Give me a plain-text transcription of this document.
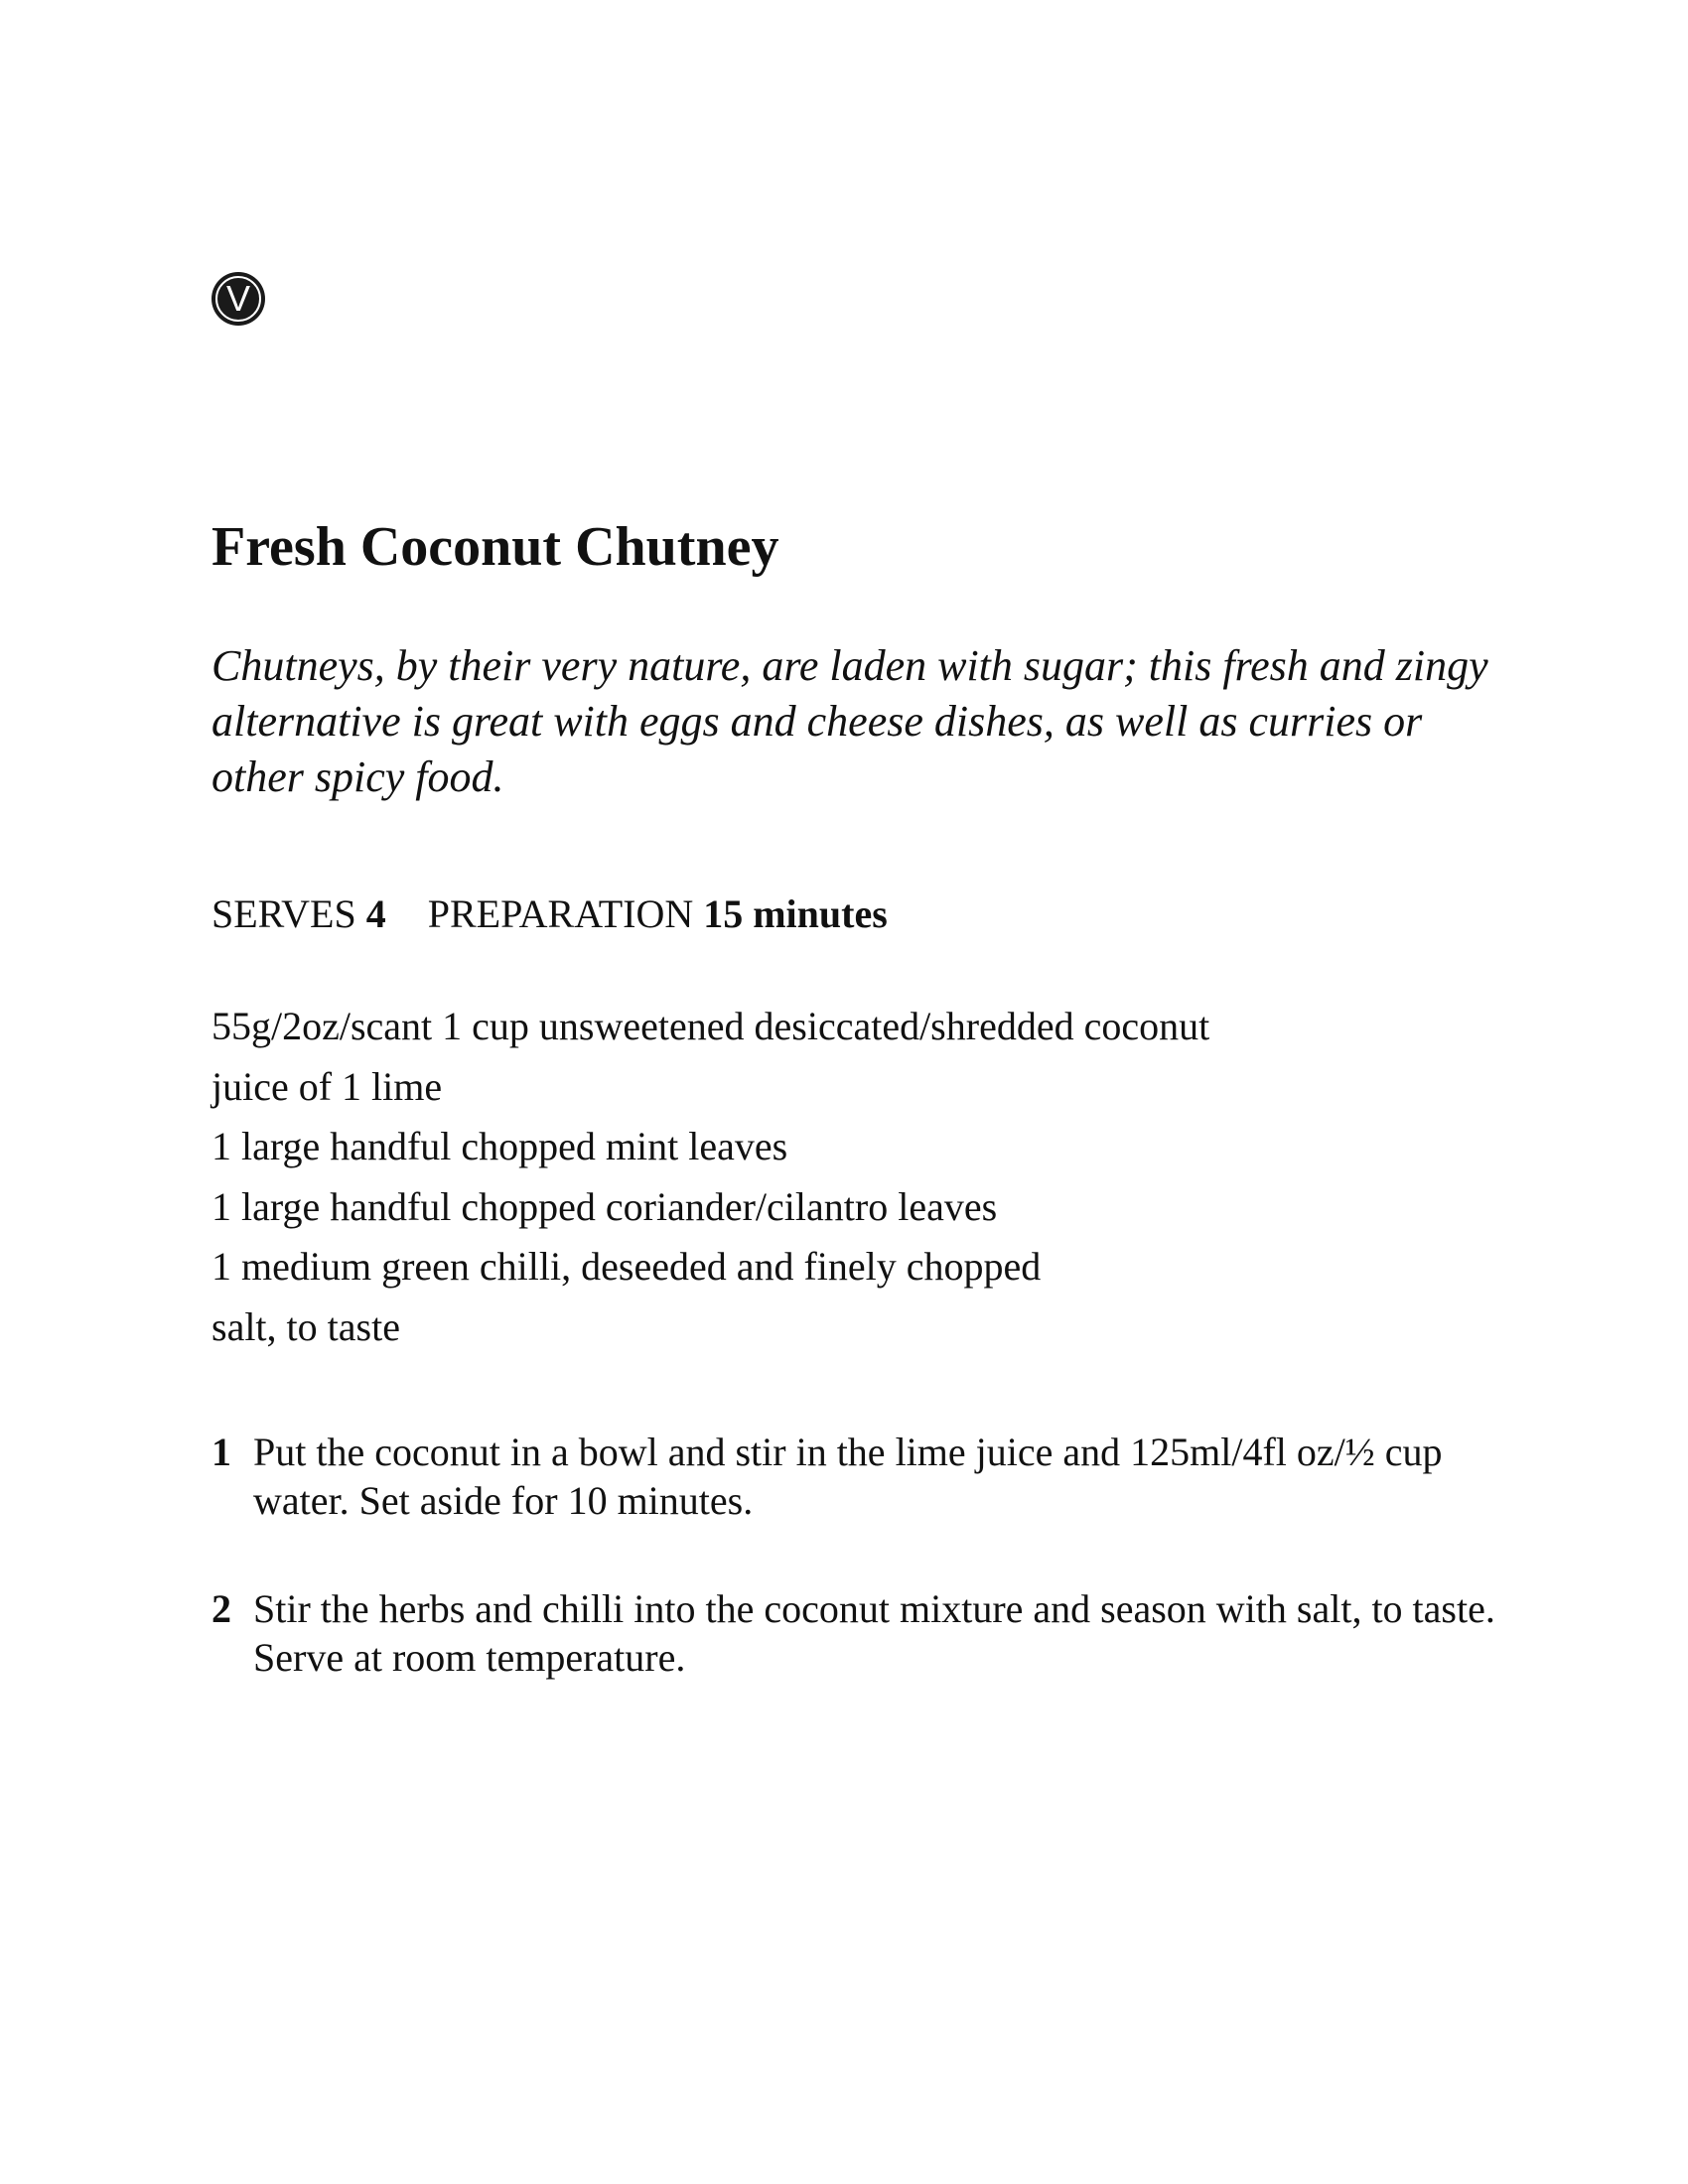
V
Fresh Coconut Chutney

Chutneys, by their very nature, are laden with sugar; this fresh and zingy alternative is great with eggs and cheese dishes, as well as curries or other spicy food.

SERVES 4 PREPARATION 15 minutes

55g/2oz/scant 1 cup unsweetened desiccated/shredded coconut
juice of 1 lime
1 large handful chopped mint leaves
1 large handful chopped coriander/cilantro leaves
1 medium green chilli, deseeded and finely chopped
salt, to taste
1 Put the coconut in a bowl and stir in the lime juice and 125ml/4fl oz/½ cup water. Set aside for 10 minutes.
2 Stir the herbs and chilli into the coconut mixture and season with salt, to taste. Serve at room temperature.
